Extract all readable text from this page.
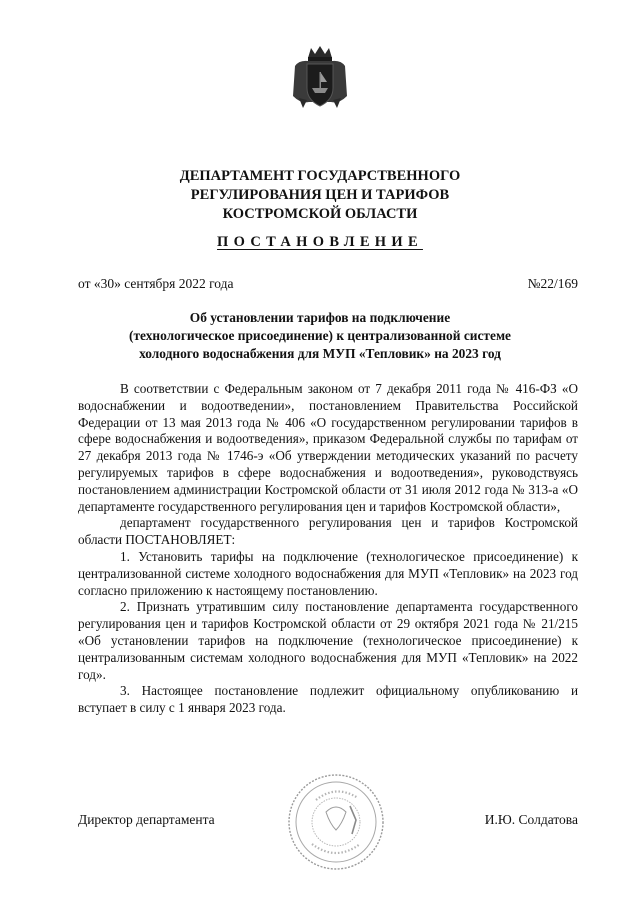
ДЕПАРТАМЕНТ ГОСУДАРСТВЕННОГО
РЕГУЛИРОВАНИЯ ЦЕН И ТАРИФОВ
КОСТРОМСКОЙ ОБЛАСТИ
ПОСТАНОВЛЕНИЕ
от «30» сентября 2022 года	№22/169
Об установлении тарифов на подключение
(технологическое присоединение) к централизованной системе
холодного водоснабжения для МУП «Тепловик» на 2023 год

В соответствии с Федеральным законом от 7 декабря 2011 года № 416-ФЗ «О водоснабжении и водоотведении», постановлением Правительства Российской Федерации от 13 мая 2013 года № 406 «О государственном регулировании тарифов в сфере водоснабжения и водоотведения», приказом Федеральной службы по тарифам от 27 декабря 2013 года № 1746-э «Об утверждении методических указаний по расчету регулируемых тарифов в сфере водоснабжения и водоотведения», руководствуясь постановлением администрации Костромской области от 31 июля 2012 года № 313-а «О департаменте государственного регулирования цен и тарифов Костромской области»,

департамент государственного регулирования цен и тарифов Костромской области ПОСТАНОВЛЯЕТ:

1. Установить тарифы на подключение (технологическое присоединение) к централизованной системе холодного водоснабжения для МУП «Тепловик» на 2023 год согласно приложению к настоящему постановлению.

2. Признать утратившим силу постановление департамента государственного регулирования цен и тарифов Костромской области от 29 октября 2021 года № 21/215 «Об установлении тарифов на подключение (технологическое присоединение) к централизованным системам холодного водоснабжения для МУП «Тепловик» на 2022 год».

3. Настоящее постановление подлежит официальному опубликованию и вступает в силу с 1 января 2023 года.

Директор департамента	И.Ю. Солдатова
